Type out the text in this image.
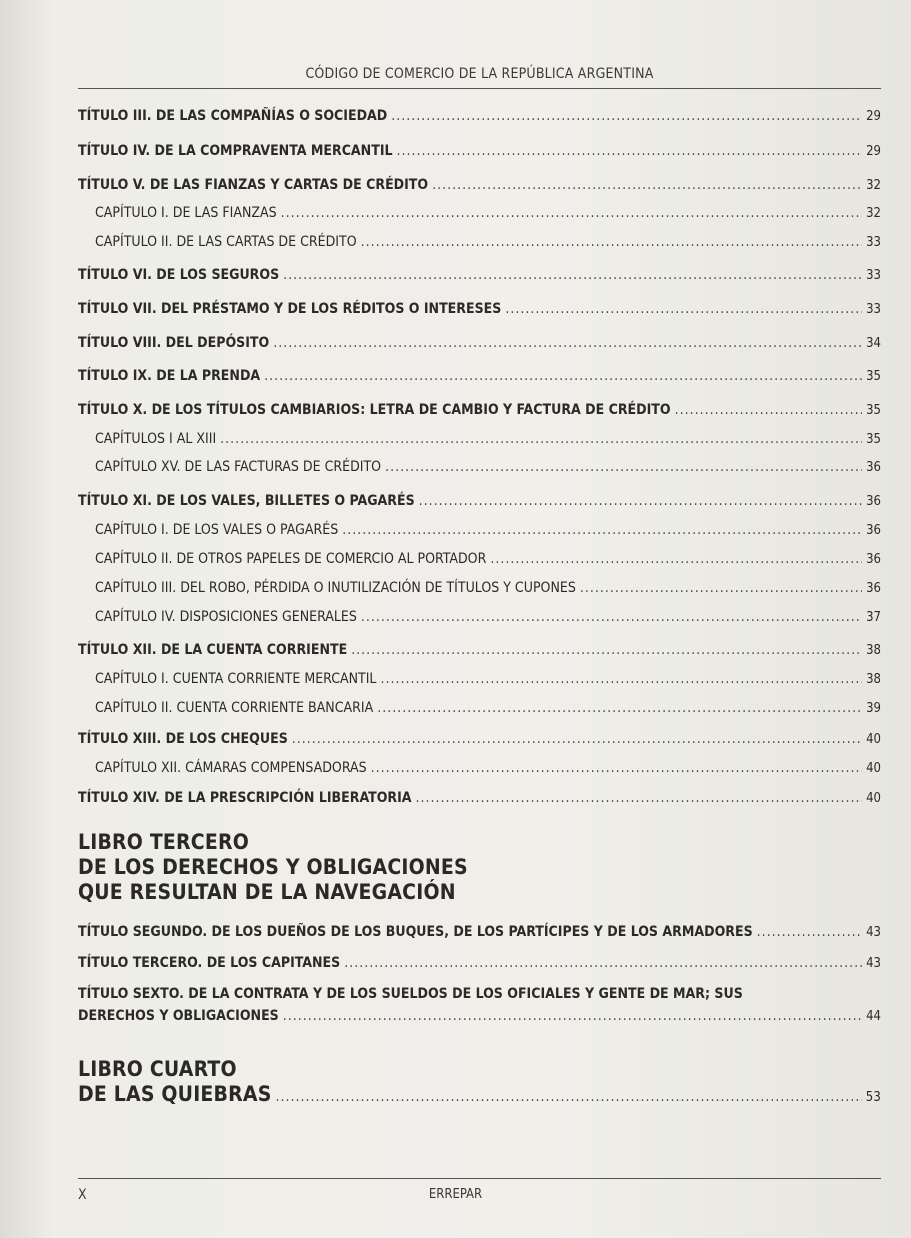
CÓDIGO DE COMERCIO DE LA REPÚBLICA ARGENTINA
TÍTULO III. DE LAS COMPAÑÍAS O SOCIEDAD .....	29
TÍTULO IV. DE LA COMPRAVENTA MERCANTIL .....	29
TÍTULO V. DE LAS FIANZAS Y CARTAS DE CRÉDITO .....	32
CAPÍTULO I. DE LAS FIANZAS .....	32
CAPÍTULO II. DE LAS CARTAS DE CRÉDITO .....	33
TÍTULO VI. DE LOS SEGUROS .....	33
TÍTULO VII. DEL PRÉSTAMO Y DE LOS RÉDITOS O INTERESES .....	33
TÍTULO VIII. DEL DEPÓSITO .....	34
TÍTULO IX. DE LA PRENDA .....	35
TÍTULO X. DE LOS TÍTULOS CAMBIARIOS: LETRA DE CAMBIO Y FACTURA DE CRÉDITO .....	35
CAPÍTULOS I AL XIII .....	35
CAPÍTULO XV. DE LAS FACTURAS DE CRÉDITO .....	36
TÍTULO XI. DE LOS VALES, BILLETES O PAGARÉS .....	36
CAPÍTULO I. DE LOS VALES O PAGARÉS .....	36
CAPÍTULO II. DE OTROS PAPELES DE COMERCIO AL PORTADOR .....	36
CAPÍTULO III. DEL ROBO, PÉRDIDA O INUTILIZACIÓN DE TÍTULOS Y CUPONES .....	36
CAPÍTULO IV. DISPOSICIONES GENERALES .....	37
TÍTULO XII. DE LA CUENTA CORRIENTE .....	38
CAPÍTULO I. CUENTA CORRIENTE MERCANTIL .....	38
CAPÍTULO II. CUENTA CORRIENTE BANCARIA .....	39
TÍTULO XIII. DE LOS CHEQUES .....	40
CAPÍTULO XII. CÁMARAS COMPENSADORAS .....	40
TÍTULO XIV. DE LA PRESCRIPCIÓN LIBERATORIA .....	40
LIBRO TERCERO
DE LOS DERECHOS Y OBLIGACIONES
QUE RESULTAN DE LA NAVEGACIÓN
TÍTULO SEGUNDO. DE LOS DUEÑOS DE LOS BUQUES, DE LOS PARTÍCIPES Y DE LOS ARMADORES .....	43
TÍTULO TERCERO. DE LOS CAPITANES .....	43
TÍTULO SEXTO. DE LA CONTRATA Y DE LOS SUELDOS DE LOS OFICIALES Y GENTE DE MAR; SUS
DERECHOS Y OBLIGACIONES .....	44
LIBRO CUARTO
DE LAS QUIEBRAS .....	53
X	ERREPAR
